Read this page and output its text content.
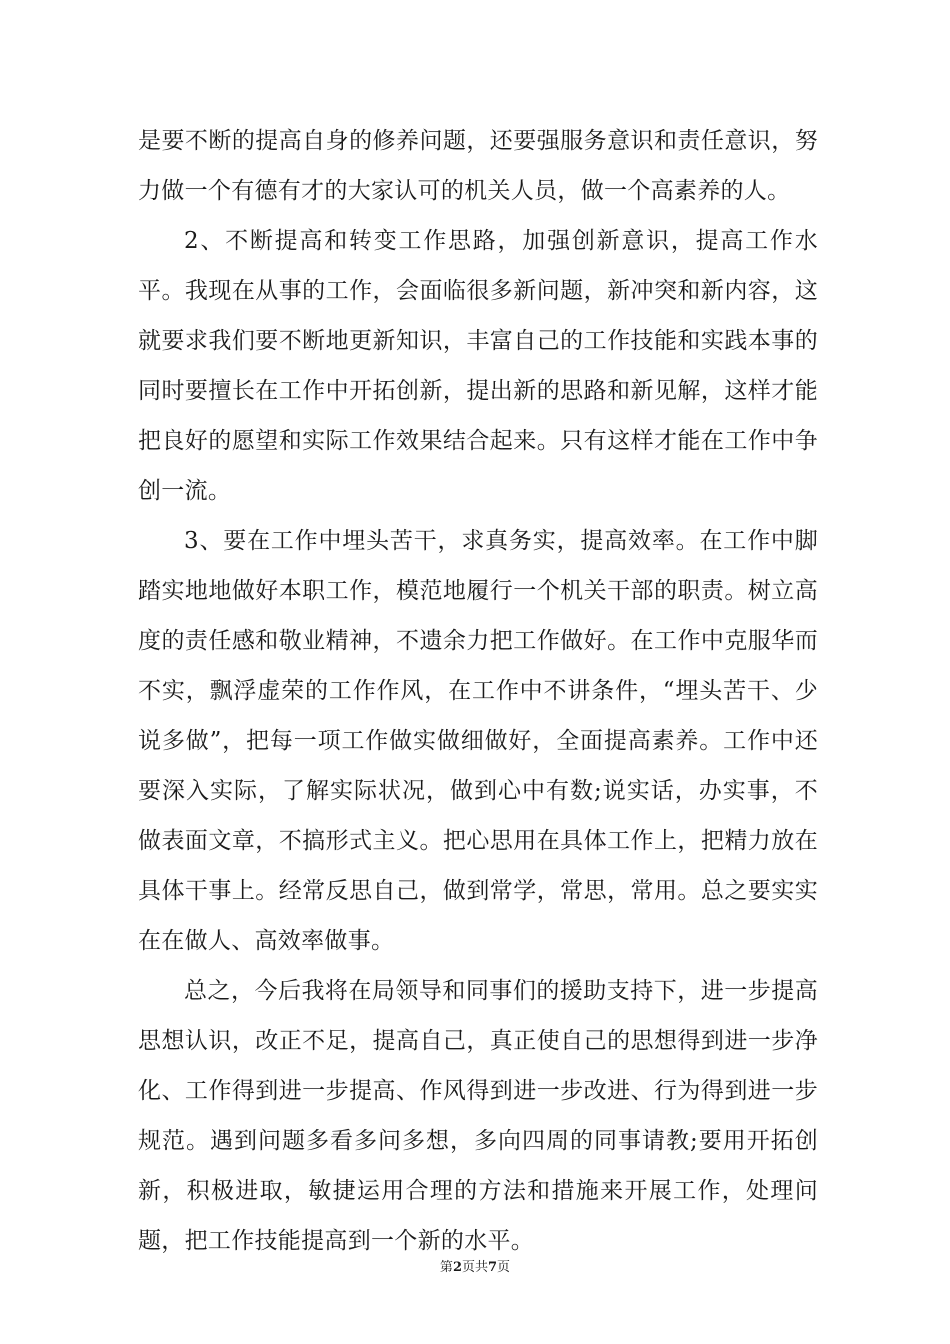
是要不断的提高自身的修养问题，还要强服务意识和责任意识，努力做一个有德有才的大家认可的机关人员，做一个高素养的人。

2、不断提高和转变工作思路，加强创新意识，提高工作水平。我现在从事的工作，会面临很多新问题，新冲突和新内容，这就要求我们要不断地更新知识，丰富自己的工作技能和实践本事的同时要擅长在工作中开拓创新，提出新的思路和新见解，这样才能把良好的愿望和实际工作效果结合起来。只有这样才能在工作中争创一流。

3、要在工作中埋头苦干，求真务实，提高效率。在工作中脚踏实地地做好本职工作，模范地履行一个机关干部的职责。树立高度的责任感和敬业精神，不遗余力把工作做好。在工作中克服华而不实，飘浮虚荣的工作作风，在工作中不讲条件，“埋头苦干、少说多做”，把每一项工作做实做细做好，全面提高素养。工作中还要深入实际，了解实际状况，做到心中有数;说实话，办实事，不做表面文章，不搞形式主义。把心思用在具体工作上，把精力放在具体干事上。经常反思自己，做到常学，常思，常用。总之要实实在在做人、高效率做事。

总之，今后我将在局领导和同事们的援助支持下，进一步提高思想认识，改正不足，提高自己，真正使自己的思想得到进一步净化、工作得到进一步提高、作风得到进一步改进、行为得到进一步规范。遇到问题多看多问多想，多向四周的同事请教;要用开拓创新，积极进取，敏捷运用合理的方法和措施来开展工作，处理问题，把工作技能提高到一个新的水平。

第2页共7页
